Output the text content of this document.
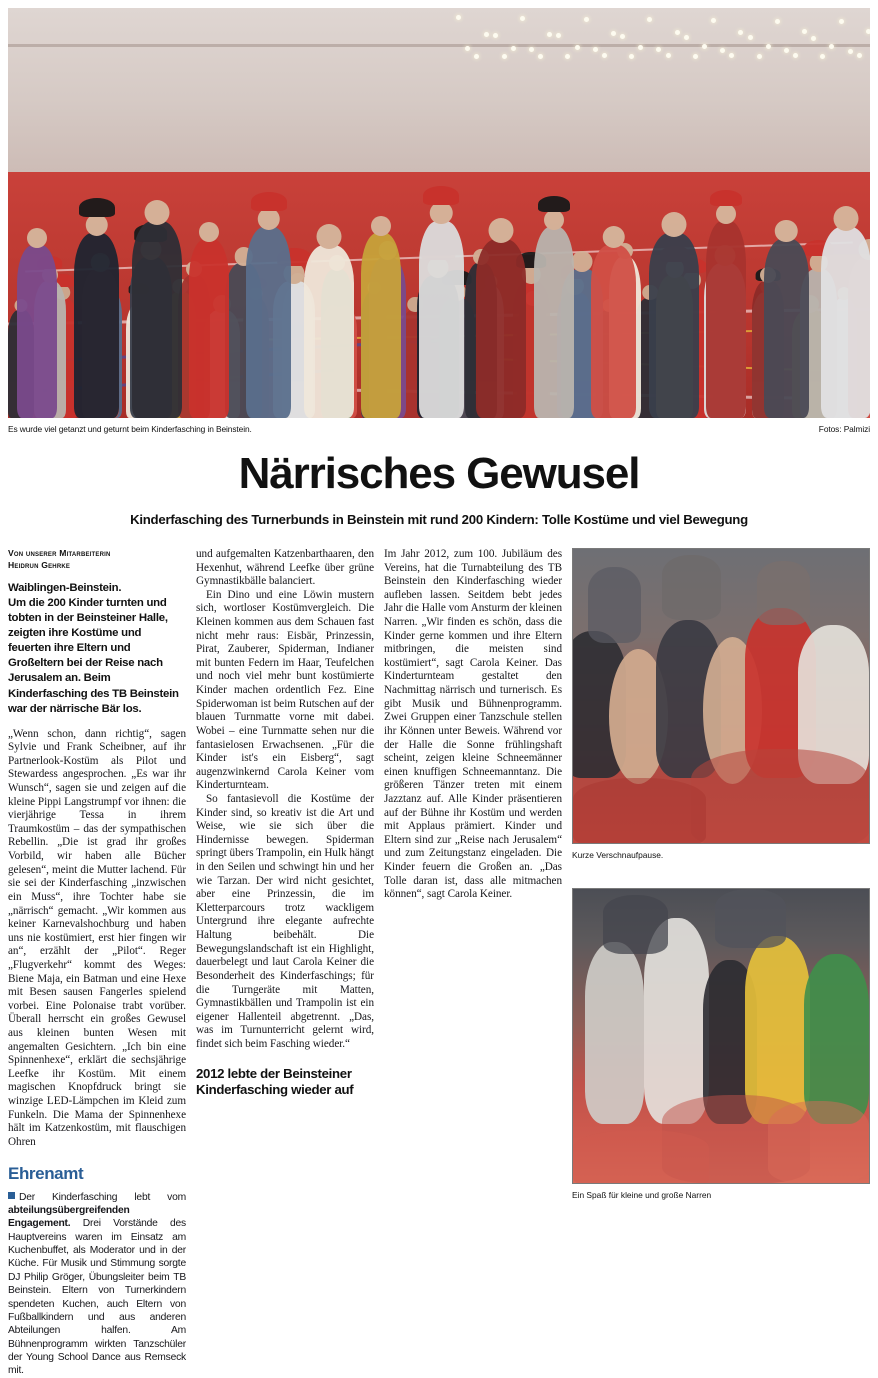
Es wurde viel getanzt und geturnt beim Kinderfasching in Beinstein.	Fotos: Palmizi
Närrisches Gewusel
Kinderfasching des Turnerbunds in Beinstein mit rund 200 Kindern: Tolle Kostüme und viel Bewegung
Von unserer Mitarbeiterin
Heidrun Gehrke
Waiblingen-Beinstein.
Um die 200 Kinder turnten und tobten in der Beinsteiner Halle, zeigten ihre Kostüme und feuerten ihre Eltern und Großeltern bei der Reise nach Jerusalem an. Beim Kinderfasching des TB Beinstein war der närrische Bär los.

„Wenn schon, dann richtig“, sagen Sylvie und Frank Scheibner, auf ihr Partnerlook-Kostüm als Pilot und Stewardess angesprochen. „Es war ihr Wunsch“, sagen sie und zeigen auf die kleine Pippi Langstrumpf vor ihnen: die vierjährige Tessa in ihrem Traumkostüm – das der sympathischen Rebellin. „Die ist grad ihr großes Vorbild, wir haben alle Bücher gelesen“, meint die Mutter lachend. Für sie sei der Kinderfasching „inzwischen ein Muss“, ihre Tochter habe sie „närrisch“ gemacht. „Wir kommen aus keiner Karnevalshochburg und haben uns nie kostümiert, erst hier fingen wir an“, erzählt der „Pilot“. Reger „Flugverkehr“ kommt des Weges: Biene Maja, ein Batman und eine Hexe mit Besen sausen Fangerles spielend vorbei. Eine Polonaise trabt vorüber. Überall herrscht ein großes Gewusel aus kleinen bunten Wesen mit angemalten Gesichtern. „Ich bin eine Spinnenhexe“, erklärt die sechsjährige Leefke ihr Kostüm. Mit einem magischen Knopfdruck bringt sie winzige LED-Lämpchen im Kleid zum Funkeln. Die Mama der Spinnenhexe hält im Katzenkostüm, mit flauschigen Ohren

Ehrenamt

Der Kinderfasching lebt vom abteilungsübergreifenden Engagement. Drei Vorstände des Hauptvereins waren im Einsatz am Kuchenbuffet, als Moderator und in der Küche. Für Musik und Stimmung sorgte DJ Philip Gröger, Übungsleiter beim TB Beinstein. Eltern von Turnerkindern spendeten Kuchen, auch Eltern von Fußballkindern und aus anderen Abteilungen halfen. Am Bühnenprogramm wirkten Tanzschüler der Young School Dance aus Remseck mit.

und aufgemalten Katzenbarthaaren, den Hexenhut, während Leefke über grüne Gymnastikbälle balanciert.

Ein Dino und eine Löwin mustern sich, wortloser Kostümvergleich. Die Kleinen kommen aus dem Schauen fast nicht mehr raus: Eisbär, Prinzessin, Pirat, Zauberer, Spiderman, Indianer mit bunten Federn im Haar, Teufelchen und noch viel mehr bunt kostümierte Kinder machen ordentlich Fez. Eine Spiderwoman ist beim Rutschen auf der blauen Turnmatte vorne mit dabei. Wobei – eine Turnmatte sehen nur die fantasielosen Erwachsenen. „Für die Kinder ist's ein Eisberg“, sagt augenzwinkernd Carola Keiner vom Kinderturnteam.

So fantasievoll die Kostüme der Kinder sind, so kreativ ist die Art und Weise, wie sie sich über die Hindernisse bewegen. Spiderman springt übers Trampolin, ein Hulk hängt in den Seilen und schwingt hin und her wie Tarzan. Der wird nicht gesichtet, aber eine Prinzessin, die im Kletterparcours trotz wackligem Untergrund ihre elegante aufrechte Haltung beibehält. Die Bewegungslandschaft ist ein Highlight, dauerbelegt und laut Carola Keiner die Besonderheit des Kinderfaschings; für die Turngeräte mit Matten, Gymnastikbällen und Trampolin ist ein eigener Hallenteil abgetrennt. „Das, was im Turnunterricht gelernt wird, findet sich beim Fasching wieder.“

2012 lebte der Beinsteiner Kinderfasching wieder auf

Im Jahr 2012, zum 100. Jubiläum des Vereins, hat die Turnabteilung des TB Beinstein den Kinderfasching wieder aufleben lassen. Seitdem bebt jedes Jahr die Halle vom Ansturm der kleinen Narren. „Wir finden es schön, dass die Kinder gerne kommen und ihre Eltern mitbringen, die meisten sind kostümiert“, sagt Carola Keiner. Das Kinderturnteam gestaltet den Nachmittag närrisch und turnerisch. Es gibt Musik und Bühnenprogramm. Zwei Gruppen einer Tanzschule stellen ihr Können unter Beweis. Während vor der Halle die Sonne frühlingshaft scheint, zeigen kleine Schneemänner einen knuffigen Schneemanntanz. Die größeren Tänzer treten mit einem Jazztanz auf. Alle Kinder präsentieren auf der Bühne ihr Kostüm und werden mit Applaus prämiert. Kinder und Eltern sind zur „Reise nach Jerusalem“ und zum Zeitungstanz eingeladen. Die Kinder feuern die Großen an. „Das Tolle daran ist, dass alle mitmachen können“, sagt Carola Keiner.

Kurze Verschnaufpause.
Ein Spaß für kleine und große Narren
